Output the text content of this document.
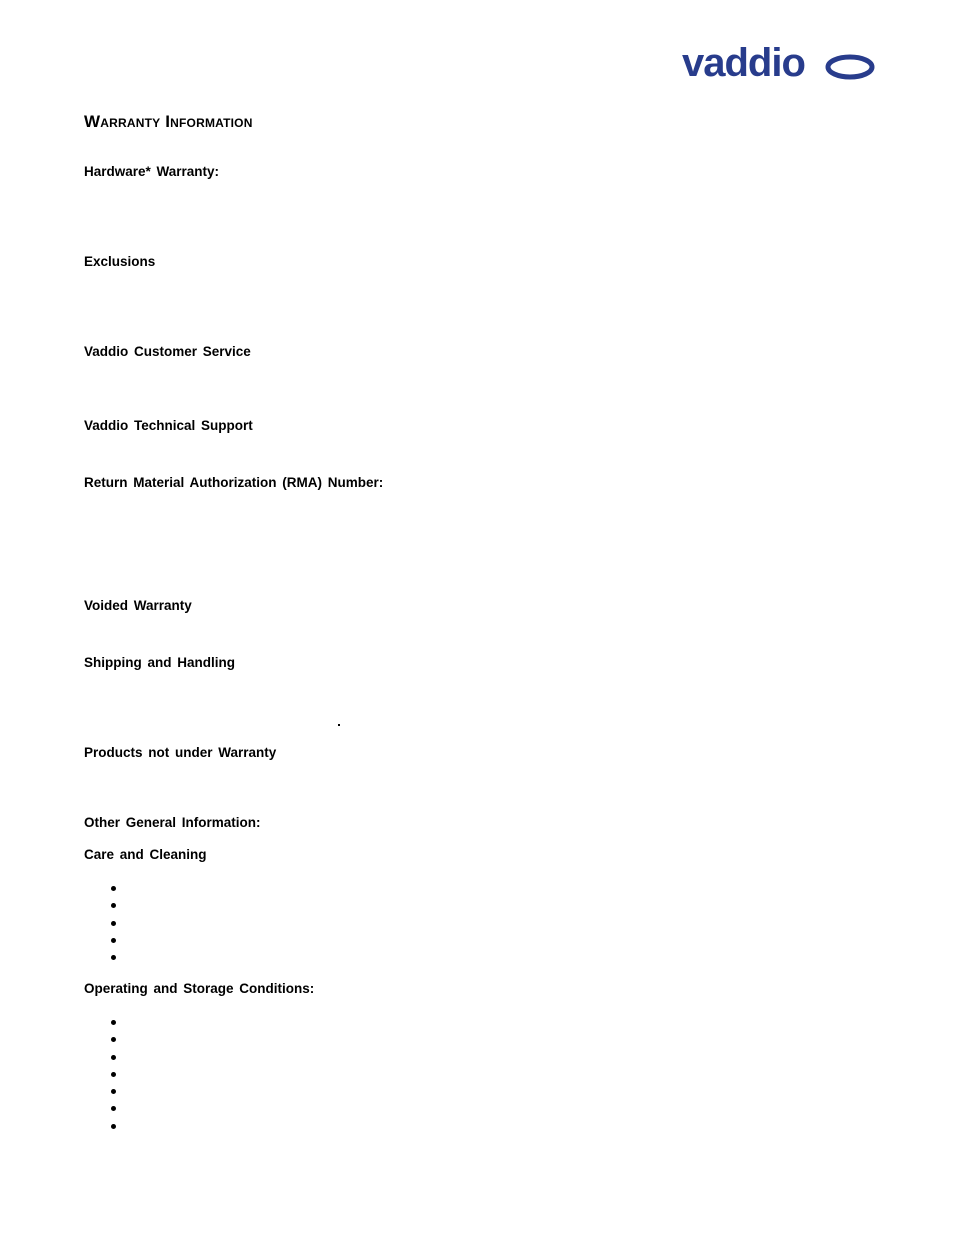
vaddio
Warranty Information
Hardware* Warranty:
Exclusions
Vaddio Customer Service
Vaddio Technical Support
Return Material Authorization (RMA) Number:
Voided Warranty
Shipping and Handling
Products not under Warranty
Other General Information:
Care and Cleaning
Operating and Storage Conditions:
